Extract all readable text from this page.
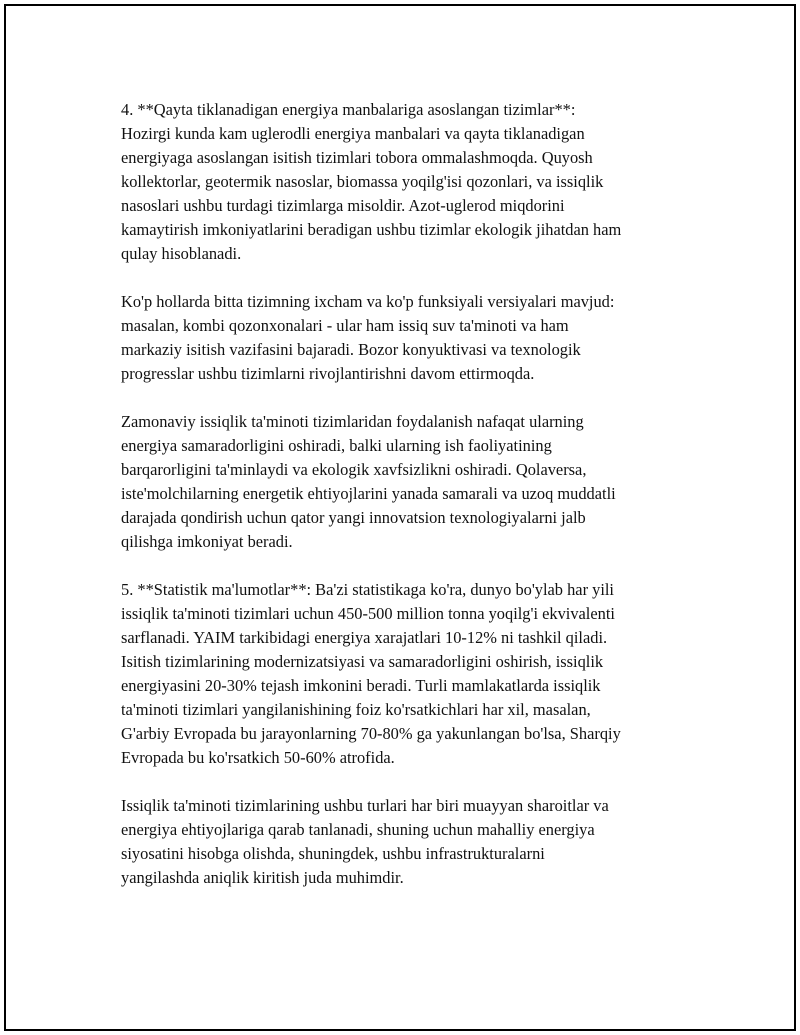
4. **Qayta tiklanadigan energiya manbalariga asoslangan tizimlar**:
Hozirgi kunda kam uglerodli energiya manbalari va qayta tiklanadigan
energiyaga asoslangan isitish tizimlari tobora ommalashmoqda. Quyosh
kollektorlar, geotermik nasoslar, biomassa yoqilg'isi qozonlari, va issiqlik
nasoslari ushbu turdagi tizimlarga misoldir. Azot-uglerod miqdorini
kamaytirish imkoniyatlarini beradigan ushbu tizimlar ekologik jihatdan ham
qulay hisoblanadi.

Ko'p hollarda bitta tizimning ixcham va ko'p funksiyali versiyalari mavjud:
masalan, kombi qozonxonalari - ular ham issiq suv ta'minoti va ham
markaziy isitish vazifasini bajaradi. Bozor konyuktivasi va texnologik
progresslar ushbu tizimlarni rivojlantirishni davom ettirmoqda.

Zamonaviy issiqlik ta'minoti tizimlaridan foydalanish nafaqat ularning
energiya samaradorligini oshiradi, balki ularning ish faoliyatining
barqarorligini ta'minlaydi va ekologik xavfsizlikni oshiradi. Qolaversa,
iste'molchilarning energetik ehtiyojlarini yanada samarali va uzoq muddatli
darajada qondirish uchun qator yangi innovatsion texnologiyalarni jalb
qilishga imkoniyat beradi.

5. **Statistik ma'lumotlar**: Ba'zi statistikaga ko'ra, dunyo bo'ylab har yili
issiqlik ta'minoti tizimlari uchun 450-500 million tonna yoqilg'i ekvivalenti
sarflanadi. YAIM tarkibidagi energiya xarajatlari 10-12% ni tashkil qiladi.
Isitish tizimlarining modernizatsiyasi va samaradorligini oshirish, issiqlik
energiyasini 20-30% tejash imkonini beradi. Turli mamlakatlarda issiqlik
ta'minoti tizimlari yangilanishining foiz ko'rsatkichlari har xil, masalan,
G'arbiy Evropada bu jarayonlarning 70-80% ga yakunlangan bo'lsa, Sharqiy
Evropada bu ko'rsatkich 50-60% atrofida.

Issiqlik ta'minoti tizimlarining ushbu turlari har biri muayyan sharoitlar va
energiya ehtiyojlariga qarab tanlanadi, shuning uchun mahalliy energiya
siyosatini hisobga olishda, shuningdek, ushbu infrastrukturalarni
yangilashda aniqlik kiritish juda muhimdir.
